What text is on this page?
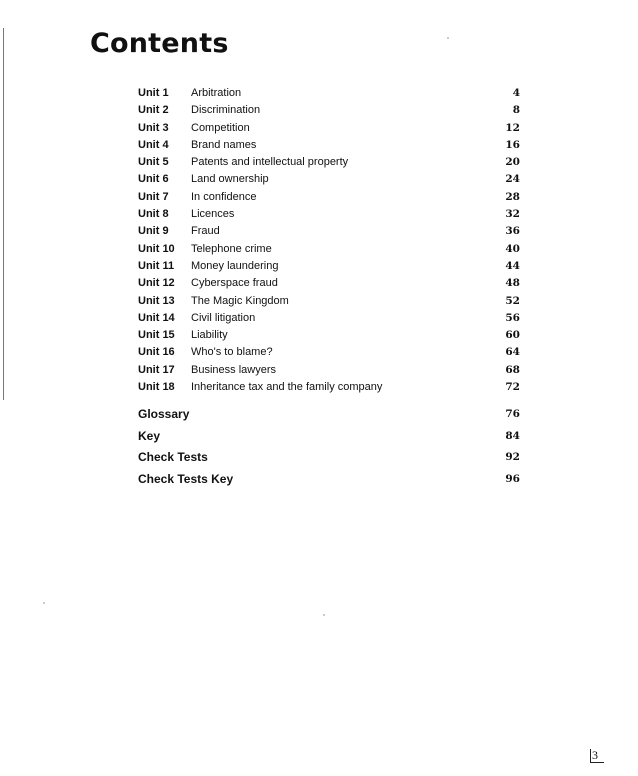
Contents
Unit 1 Arbitration	4
Unit 2 Discrimination	8
Unit 3 Competition	12
Unit 4 Brand names	16
Unit 5 Patents and intellectual property	20
Unit 6 Land ownership	24
Unit 7 In confidence	28
Unit 8 Licences	32
Unit 9 Fraud	36
Unit 10 Telephone crime	40
Unit 11 Money laundering	44
Unit 12 Cyberspace fraud	48
Unit 13 The Magic Kingdom	52
Unit 14 Civil litigation	56
Unit 15 Liability	60
Unit 16 Who's to blame?	64
Unit 17 Business lawyers	68
Unit 18 Inheritance tax and the family company	72
Glossary	76
Key	84
Check Tests	92
Check Tests Key	96
3
